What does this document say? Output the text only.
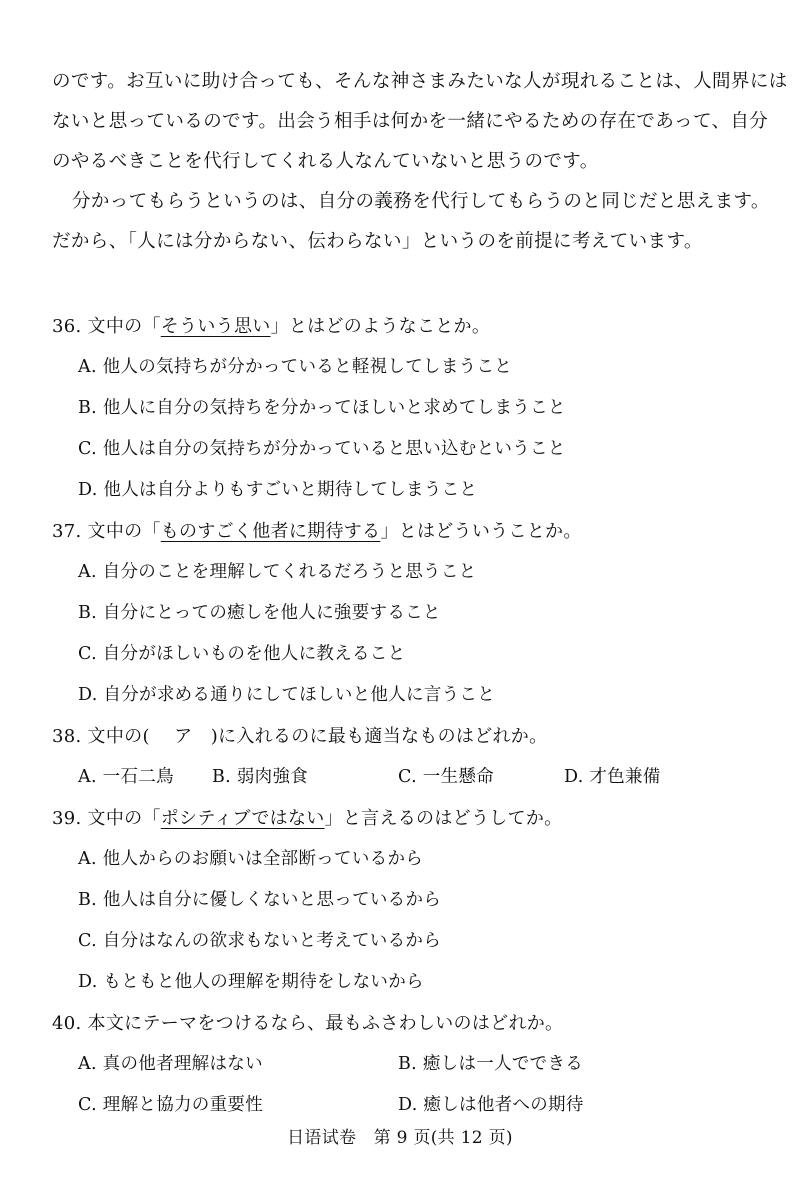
のです。お互いに助け合っても、そんな神さまみたいな人が現れることは、人間界には
ないと思っているのです。出会う相手は何かを一緒にやるための存在であって、自分
のやるべきことを代行してくれる人なんていないと思うのです。
分かってもらうというのは、自分の義務を代行してもらうのと同じだと思えます。
だから、「人には分からない、伝わらない」というのを前提に考えています。
36. 文中の「そういう思い」とはどのようなことか。
A. 他人の気持ちが分かっていると軽視してしまうこと
B. 他人に自分の気持ちを分かってほしいと求めてしまうこと
C. 他人は自分の気持ちが分かっていると思い込むということ
D. 他人は自分よりもすごいと期待してしまうこと
37. 文中の「ものすごく他者に期待する」とはどういうことか。
A. 自分のことを理解してくれるだろうと思うこと
B. 自分にとっての癒しを他人に強要すること
C. 自分がほしいものを他人に教えること
D. 自分が求める通りにしてほしいと他人に言うこと
38. 文中の(　 ア　)に入れるのに最も適当なものはどれか。
A. 一石二鳥	B. 弱肉強食	C. 一生懸命	D. 才色兼備
39. 文中の「ポシティブではない」と言えるのはどうしてか。
A. 他人からのお願いは全部断っているから
B. 他人は自分に優しくないと思っているから
C. 自分はなんの欲求もないと考えているから
D. もともと他人の理解を期待をしないから
40. 本文にテーマをつけるなら、最もふさわしいのはどれか。
A. 真の他者理解はない	B. 癒しは一人でできる
C. 理解と協力の重要性	D. 癒しは他者への期待
日语试卷　第 9 页(共 12 页)
